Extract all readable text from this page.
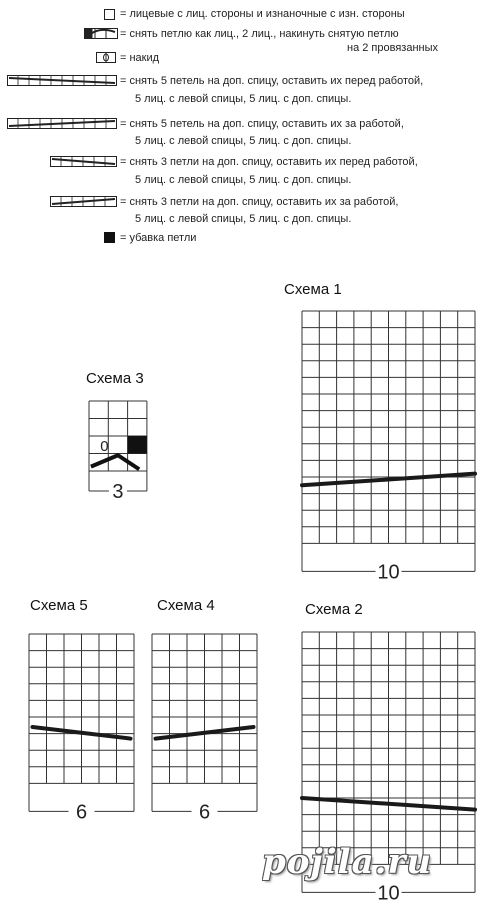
= лицевые с лиц. стороны и изнаночные с изн. стороны
= снять петлю как лиц., 2 лиц., накинуть снятую петлю
на 2 провязанных
= накид
= снять 5 петель на доп. спицу, оставить их перед работой,
5 лиц. с левой спицы, 5 лиц. с доп. спицы.
= снять 5 петель на доп. спицу, оставить их за работой,
5 лиц. с левой спицы, 5 лиц. с доп. спицы.
= снять 3 петли на доп. спицу, оставить их перед работой,
5 лиц. с левой спицы, 5 лиц. с доп. спицы.
= снять 3 петли на доп. спицу, оставить их за работой,
5 лиц. с левой спицы, 5 лиц. с доп. спицы.
= убавка петли
Схема 1
Схема 3
Схема 5	Схема 4	Схема 2
10
10
3
6
6
0
pojila.ru
